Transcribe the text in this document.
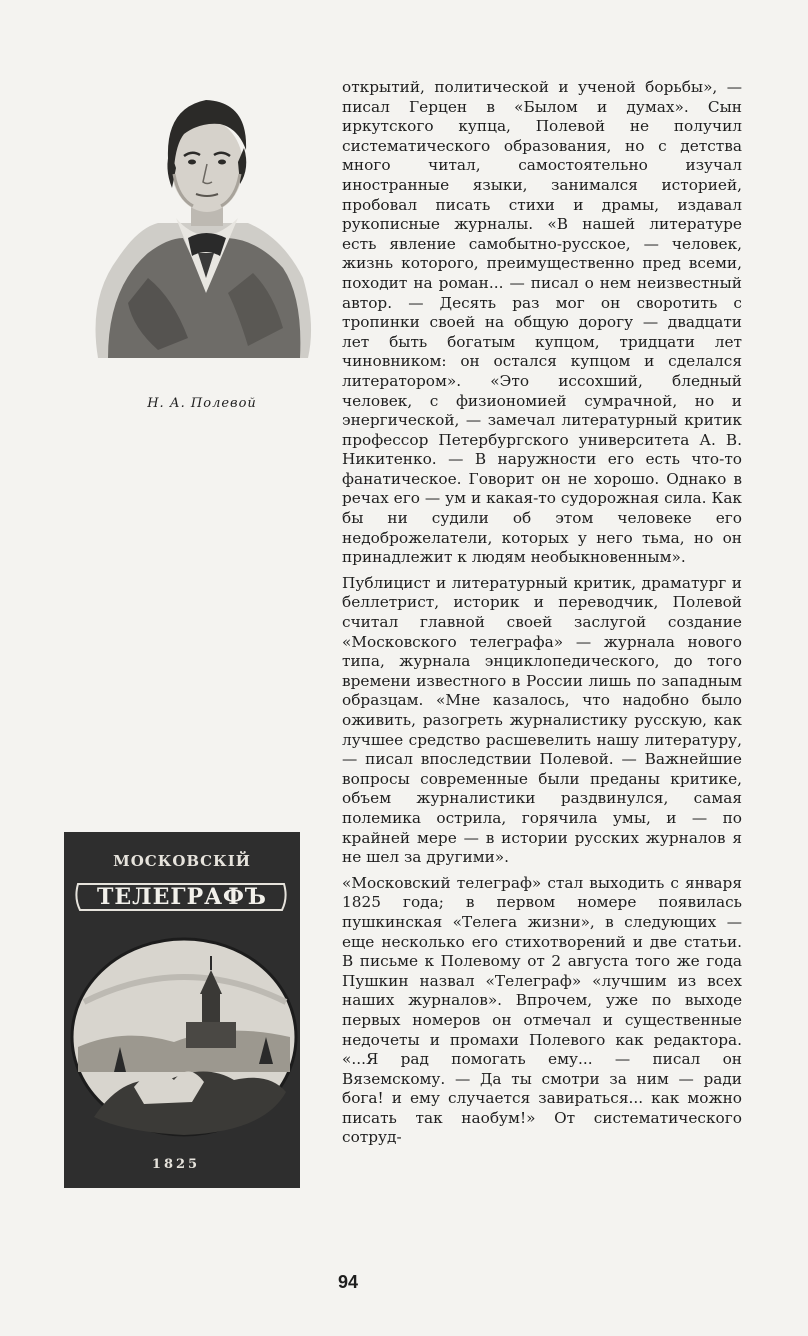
Н. А. Полевой
МОСКОВСКІЙ
ТЕЛЕГРАФЪ
1825

открытий, политической и ученой борьбы», — писал Герцен в «Былом и думах». Сын иркутского купца, Полевой не получил систематического образования, но с детства много читал, самостоятельно изучал иностранные языки, занимался историей, пробовал писать стихи и драмы, издавал рукописные журналы. «В нашей литературе есть явление самобытно-русское, — человек, жизнь которого, преимущественно пред всеми, походит на роман... — писал о нем неизвестный автор. — Десять раз мог он своротить с тропинки своей на общую дорогу — двадцати лет быть богатым купцом, тридцати лет чиновником: он остался купцом и сделался литератором». «Это иссохший, бледный человек, с физиономией сумрачной, но и энергической, — замечал литературный критик профессор Петербургского университета А. В. Никитенко. — В наружности его есть что-то фанатическое. Говорит он не хорошо. Однако в речах его — ум и какая-то судорожная сила. Как бы ни судили об этом человеке его недоброжелатели, которых у него тьма, но он принадлежит к людям необыкновенным».

Публицист и литературный критик, драматург и беллетрист, историк и переводчик, Полевой считал главной своей заслугой создание «Московского телеграфа» — журнала нового типа, журнала энциклопедического, до того времени известного в России лишь по западным образцам. «Мне казалось, что надобно было оживить, разогреть журналистику русскую, как лучшее средство расшевелить нашу литературу, — писал впоследствии Полевой. — Важнейшие вопросы современные были преданы критике, объем журналистики раздвинулся, самая полемика острила, горячила умы, и — по крайней мере — в истории русских журналов я не шел за другими».

«Московский телеграф» стал выходить с января 1825 года; в первом номере появилась пушкинская «Телега жизни», в следующих — еще несколько его стихотворений и две статьи. В письме к Полевому от 2 августа того же года Пушкин назвал «Телеграф» «лучшим из всех наших журналов». Впрочем, уже по выходе первых номеров он отмечал и существенные недочеты и промахи Полевого как редактора. «...Я рад помогать ему... — писал он Вяземскому. — Да ты смотри за ним — ради бога! и ему случается завираться... как можно писать так наобум!» От систематического сотруд-

94
